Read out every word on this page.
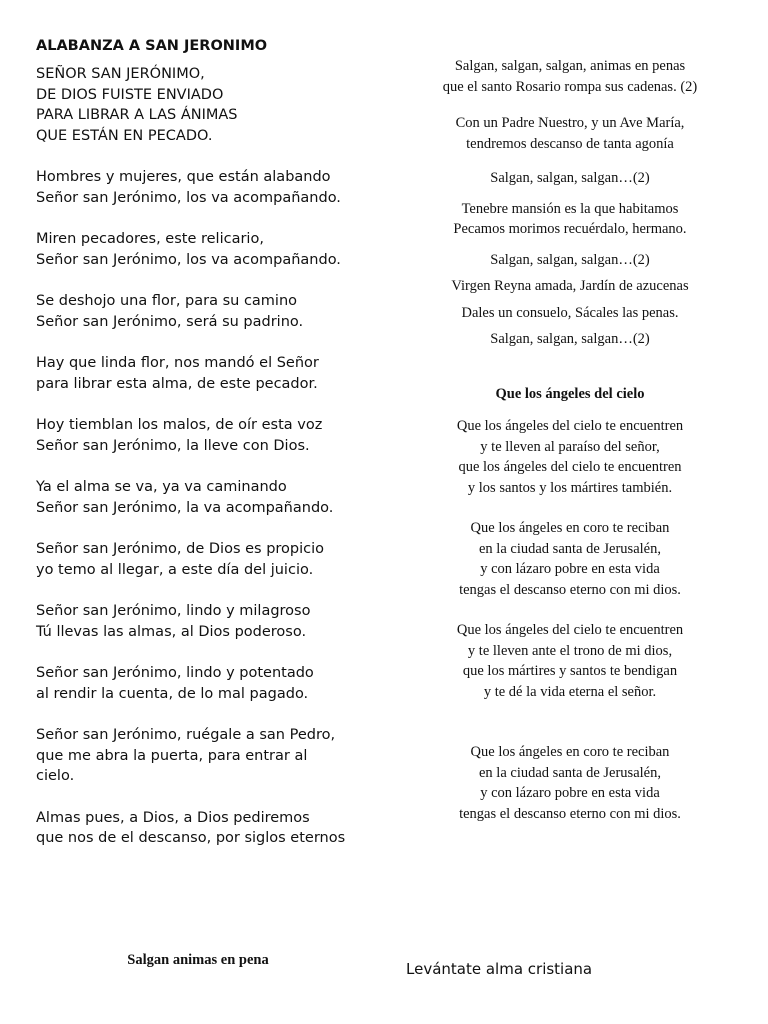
ALABANZA A SAN JERONIMO
SEÑOR SAN JERÓNIMO,
DE DIOS FUISTE ENVIADO
PARA LIBRAR A LAS ÁNIMAS
QUE ESTÁN EN PECADO.
Hombres y mujeres, que están alabando
Señor san Jerónimo, los va acompañando.
Miren pecadores, este relicario,
Señor san Jerónimo, los va acompañando.
Se deshojo una flor, para su camino
Señor san Jerónimo, será su padrino.
Hay que linda flor, nos mandó el Señor
para librar esta alma, de este pecador.
Hoy tiemblan los malos, de oír esta voz
Señor san Jerónimo, la lleve con Dios.
Ya el alma se va, ya va caminando
Señor san Jerónimo, la va acompañando.
Señor san Jerónimo, de Dios es propicio
yo temo al llegar, a este día del juicio.
Señor san Jerónimo, lindo y milagroso
Tú llevas las almas, al Dios poderoso.
Señor san Jerónimo, lindo y potentado
al rendir la cuenta, de lo mal pagado.
Señor san Jerónimo, ruégale a san Pedro,
que me abra la puerta, para entrar al
cielo.
Almas pues, a Dios, a Dios pediremos
que nos de el descanso, por siglos eternos
Salgan, salgan, salgan, animas en penas
que el santo Rosario rompa sus cadenas. (2)
Con un Padre Nuestro, y un Ave María,
tendremos descanso de tanta agonía
Salgan, salgan, salgan…(2)
Tenebre mansión es la que habitamos
Pecamos morimos recuérdalo, hermano.
Salgan, salgan, salgan…(2)
Virgen Reyna amada, Jardín de azucenas
Dales un consuelo, Sácales las penas.
Salgan, salgan, salgan…(2)
Que los ángeles del cielo
Que los ángeles del cielo te encuentren
y te lleven al paraíso del señor,
que los ángeles del cielo te encuentren
y los santos y los mártires también.
Que los ángeles en coro te reciban
en la ciudad santa de Jerusalén,
y con lázaro pobre en esta vida
tengas el descanso eterno con mi dios.
Que los ángeles del cielo te encuentren
y te lleven ante el trono de mi dios,
que los mártires y santos te bendigan
y te dé la vida eterna el señor.
Que los ángeles en coro te reciban
en la ciudad santa de Jerusalén,
y con lázaro pobre en esta vida
tengas el descanso eterno con mi dios.
Salgan animas en pena	Levántate alma cristiana
